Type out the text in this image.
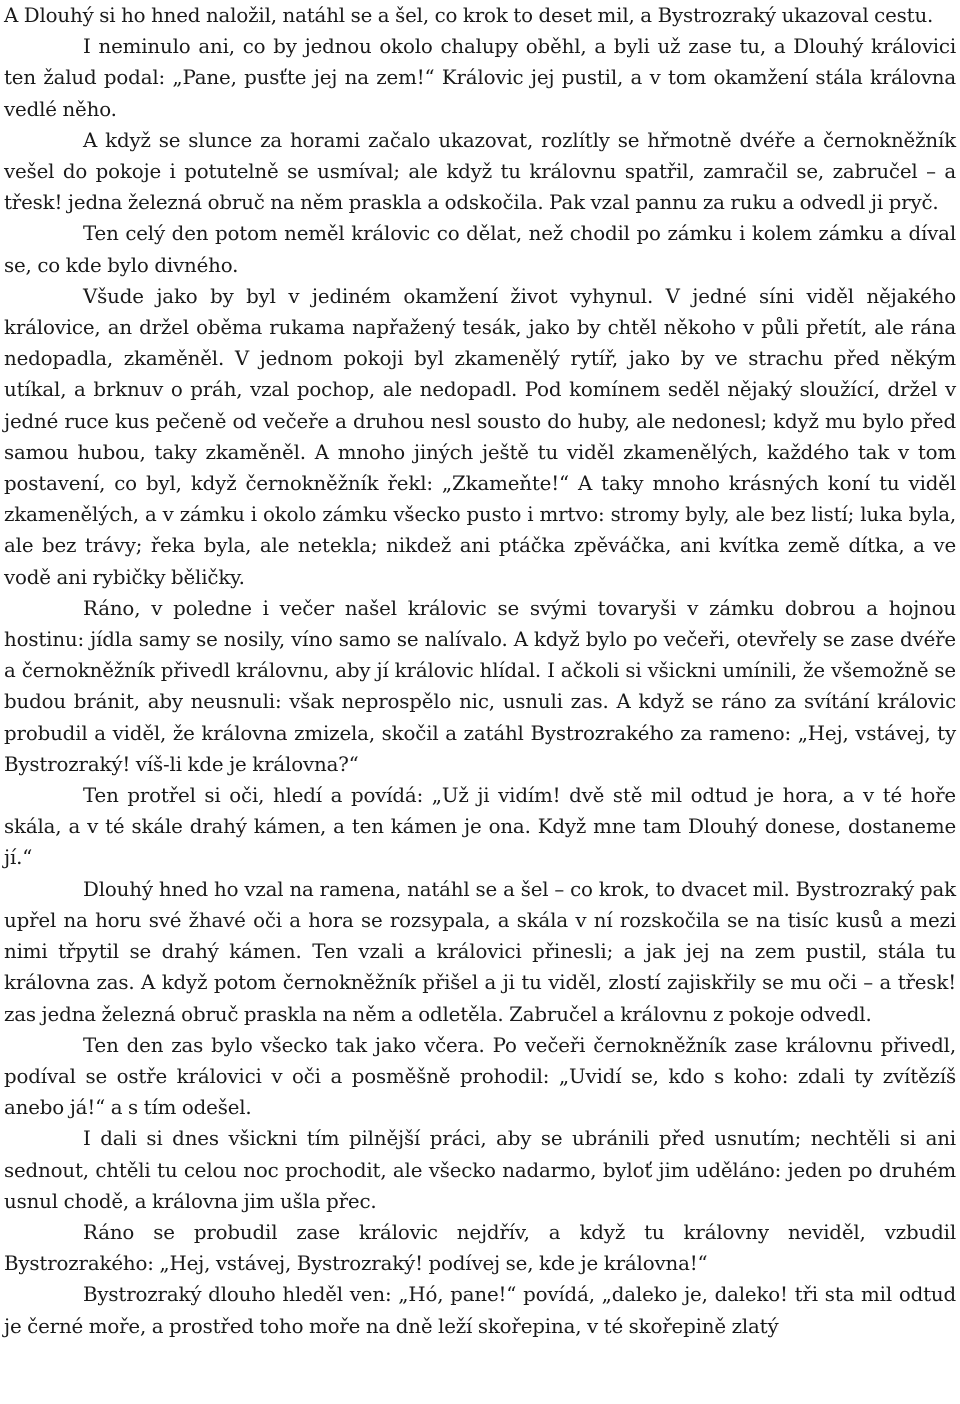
A Dlouhý si ho hned naložil, natáhl se a šel, co krok to deset mil, a Bystrozraký ukazoval cestu.

I neminulo ani, co by jednou okolo chalupy oběhl, a byli už zase tu, a Dlouhý královici ten žalud podal: „Pane, pusťte jej na zem!“ Královic jej pustil, a v tom okamžení stála královna vedlé něho.

A když se slunce za horami začalo ukazovat, rozlítly se hřmotně dvéře a černokněžník vešel do pokoje i potutelně se usmíval; ale když tu královnu spatřil, zamračil se, zabručel – a třesk! jedna železná obruč na něm praskla a odskočila. Pak vzal pannu za ruku a odvedl ji pryč.

Ten celý den potom neměl královic co dělat, než chodil po zámku i kolem zámku a díval se, co kde bylo divného.

Všude jako by byl v jediném okamžení život vyhynul. V jedné síni viděl nějakého královice, an držel oběma rukama napřažený tesák, jako by chtěl někoho v půli přetít, ale rána nedopadla, zkaměněl. V jednom pokoji byl zkamenělý rytíř, jako by ve strachu před někým utíkal, a brknuv o práh, vzal pochop, ale nedopadl. Pod komínem seděl nějaký sloužící, držel v jedné ruce kus pečeně od večeře a druhou nesl sousto do huby, ale nedonesl; když mu bylo před samou hubou, taky zkaměněl. A mnoho jiných ještě tu viděl zkamenělých, každého tak v tom postavení, co byl, když černokněžník řekl: „Zkameňte!“ A taky mnoho krásných koní tu viděl zkamenělých, a v zámku i okolo zámku všecko pusto i mrtvo: stromy byly, ale bez listí; luka byla, ale bez trávy; řeka byla, ale netekla; nikdež ani ptáčka zpěváčka, ani kvítka země dítka, a ve vodě ani rybičky běličky.

Ráno, v poledne i večer našel královic se svými tovaryši v zámku dobrou a hojnou hostinu: jídla samy se nosily, víno samo se nalívalo. A když bylo po večeři, otevřely se zase dvéře a černokněžník přivedl královnu, aby jí královic hlídal. I ačkoli si všickni umínili, že všemožně se budou bránit, aby neusnuli: však neprospělo nic, usnuli zas. A když se ráno za svítání královic probudil a viděl, že královna zmizela, skočil a zatáhl Bystrozrakého za rameno: „Hej, vstávej, ty Bystrozraký! víš-li kde je královna?“

Ten protřel si oči, hledí a povídá: „Už ji vidím! dvě stě mil odtud je hora, a v té hoře skála, a v té skále drahý kámen, a ten kámen je ona. Když mne tam Dlouhý donese, dostaneme jí.“

Dlouhý hned ho vzal na ramena, natáhl se a šel – co krok, to dvacet mil. Bystrozraký pak upřel na horu své žhavé oči a hora se rozsypala, a skála v ní rozskočila se na tisíc kusů a mezi nimi třpytil se drahý kámen. Ten vzali a královici přinesli; a jak jej na zem pustil, stála tu královna zas. A když potom černokněžník přišel a ji tu viděl, zlostí zajiskřily se mu oči – a třesk! zas jedna železná obruč praskla na něm a odletěla. Zabručel a královnu z pokoje odvedl.

Ten den zas bylo všecko tak jako včera. Po večeři černokněžník zase královnu přivedl, podíval se ostře královici v oči a posměšně prohodil: „Uvidí se, kdo s koho: zdali ty zvítězíš anebo já!“ a s tím odešel.

I dali si dnes všickni tím pilnější práci, aby se ubránili před usnutím; nechtěli si ani sednout, chtěli tu celou noc prochodit, ale všecko nadarmo, byloť jim uděláno: jeden po druhém usnul chodě, a královna jim ušla přec.

Ráno se probudil zase královic nejdřív, a když tu královny neviděl, vzbudil Bystrozrakého: „Hej, vstávej, Bystrozraký! podívej se, kde je královna!“

Bystrozraký dlouho hleděl ven: „Hó, pane!“ povídá, „daleko je, daleko! tři sta mil odtud je černé moře, a prostřed toho moře na dně leží skořepina, v té skořepině zlatý
